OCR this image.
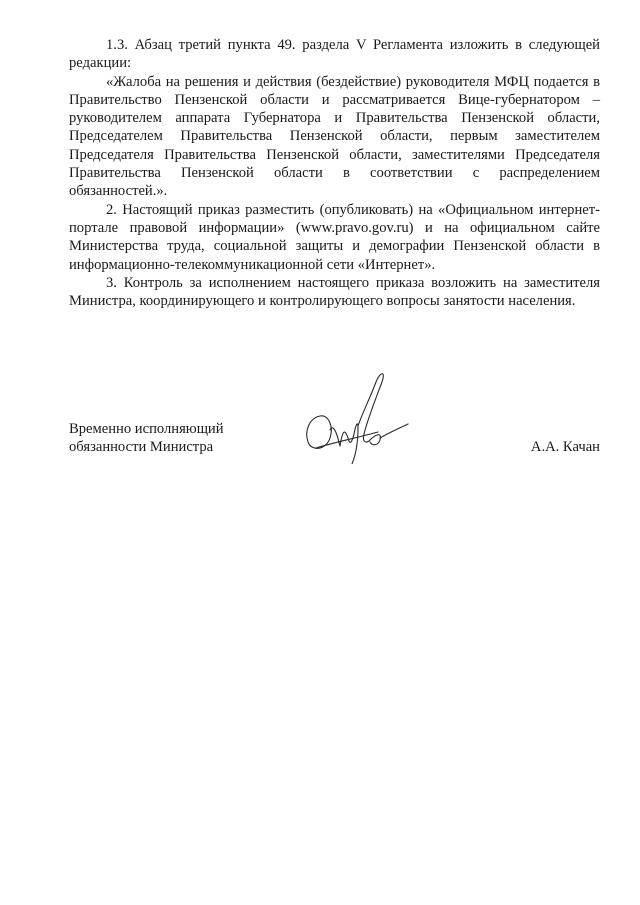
1.3. Абзац третий пункта 49. раздела V Регламента изложить в следующей редакции:

«Жалоба на решения и действия (бездействие) руководителя МФЦ подается в Правительство Пензенской области и рассматривается Вице-губернатором – руководителем аппарата Губернатора и Правительства Пензенской области, Председателем Правительства Пензенской области, первым заместителем Председателя Правительства Пензенской области, заместителями Председателя Правительства Пензенской области в соответствии с распределением обязанностей.».

2. Настоящий приказ разместить (опубликовать) на «Официальном интернет-портале правовой информации» (www.pravo.gov.ru) и на официальном сайте Министерства труда, социальной защиты и демографии Пензенской области в информационно-телекоммуникационной сети «Интернет».

3. Контроль за исполнением настоящего приказа возложить на заместителя Министра, координирующего и контролирующего вопросы занятости населения.

Временно исполняющий
обязанности Министра	А.А. Качан
